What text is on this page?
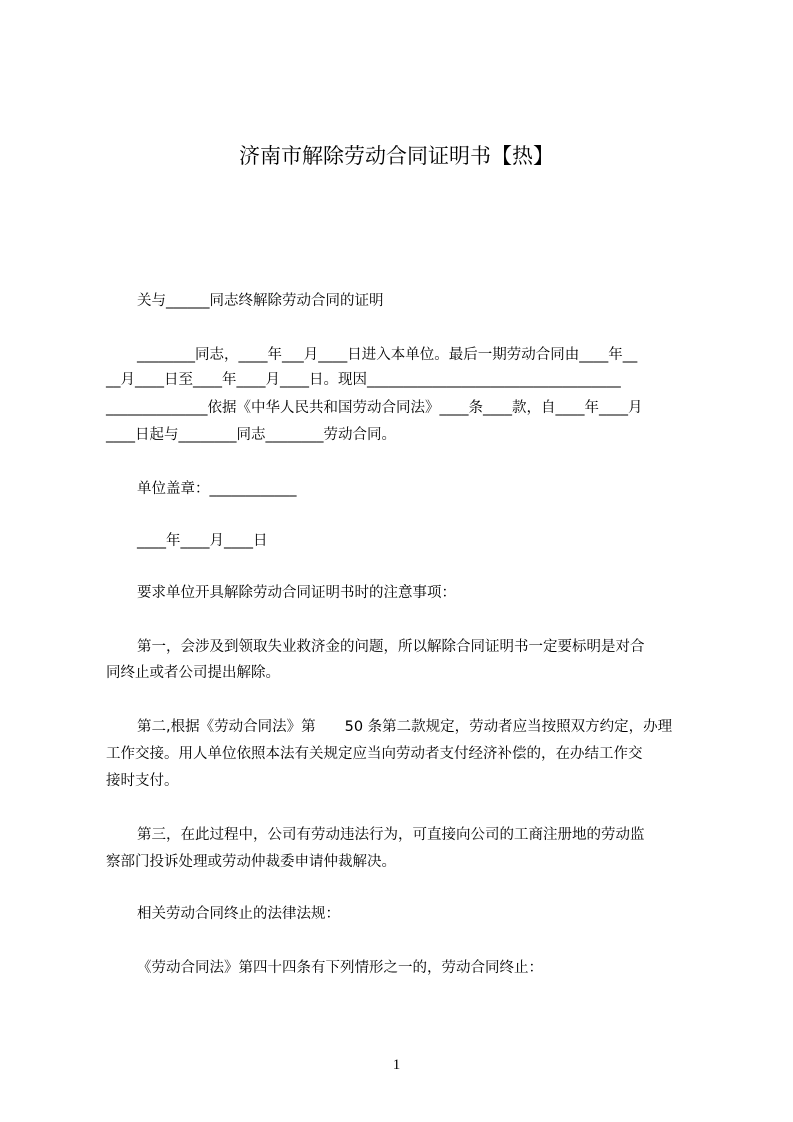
济南市解除劳动合同证明书【热】
关与______同志终解除劳动合同的证明
________同志，____年___月____日进入本单位。最后一期劳动合同由____年__
__月____日至____年____月____日。现因___________________________________
______________依据《中华人民共和国劳动合同法》____条____款，自____年____月
____日起与________同志________劳动合同。
单位盖章：____________
____年____月____日
要求单位开具解除劳动合同证明书时的注意事项：
第一，会涉及到领取失业救济金的问题，所以解除合同证明书一定要标明是对合
同终止或者公司提出解除。
第二,根据《劳动合同法》第　　50 条第二款规定，劳动者应当按照双方约定，办理
工作交接。用人单位依照本法有关规定应当向劳动者支付经济补偿的，在办结工作交
接时支付。
第三，在此过程中，公司有劳动违法行为，可直接向公司的工商注册地的劳动监
察部门投诉处理或劳动仲裁委申请仲裁解决。
相关劳动合同终止的法律法规：
《劳动合同法》第四十四条有下列情形之一的，劳动合同终止：
1
